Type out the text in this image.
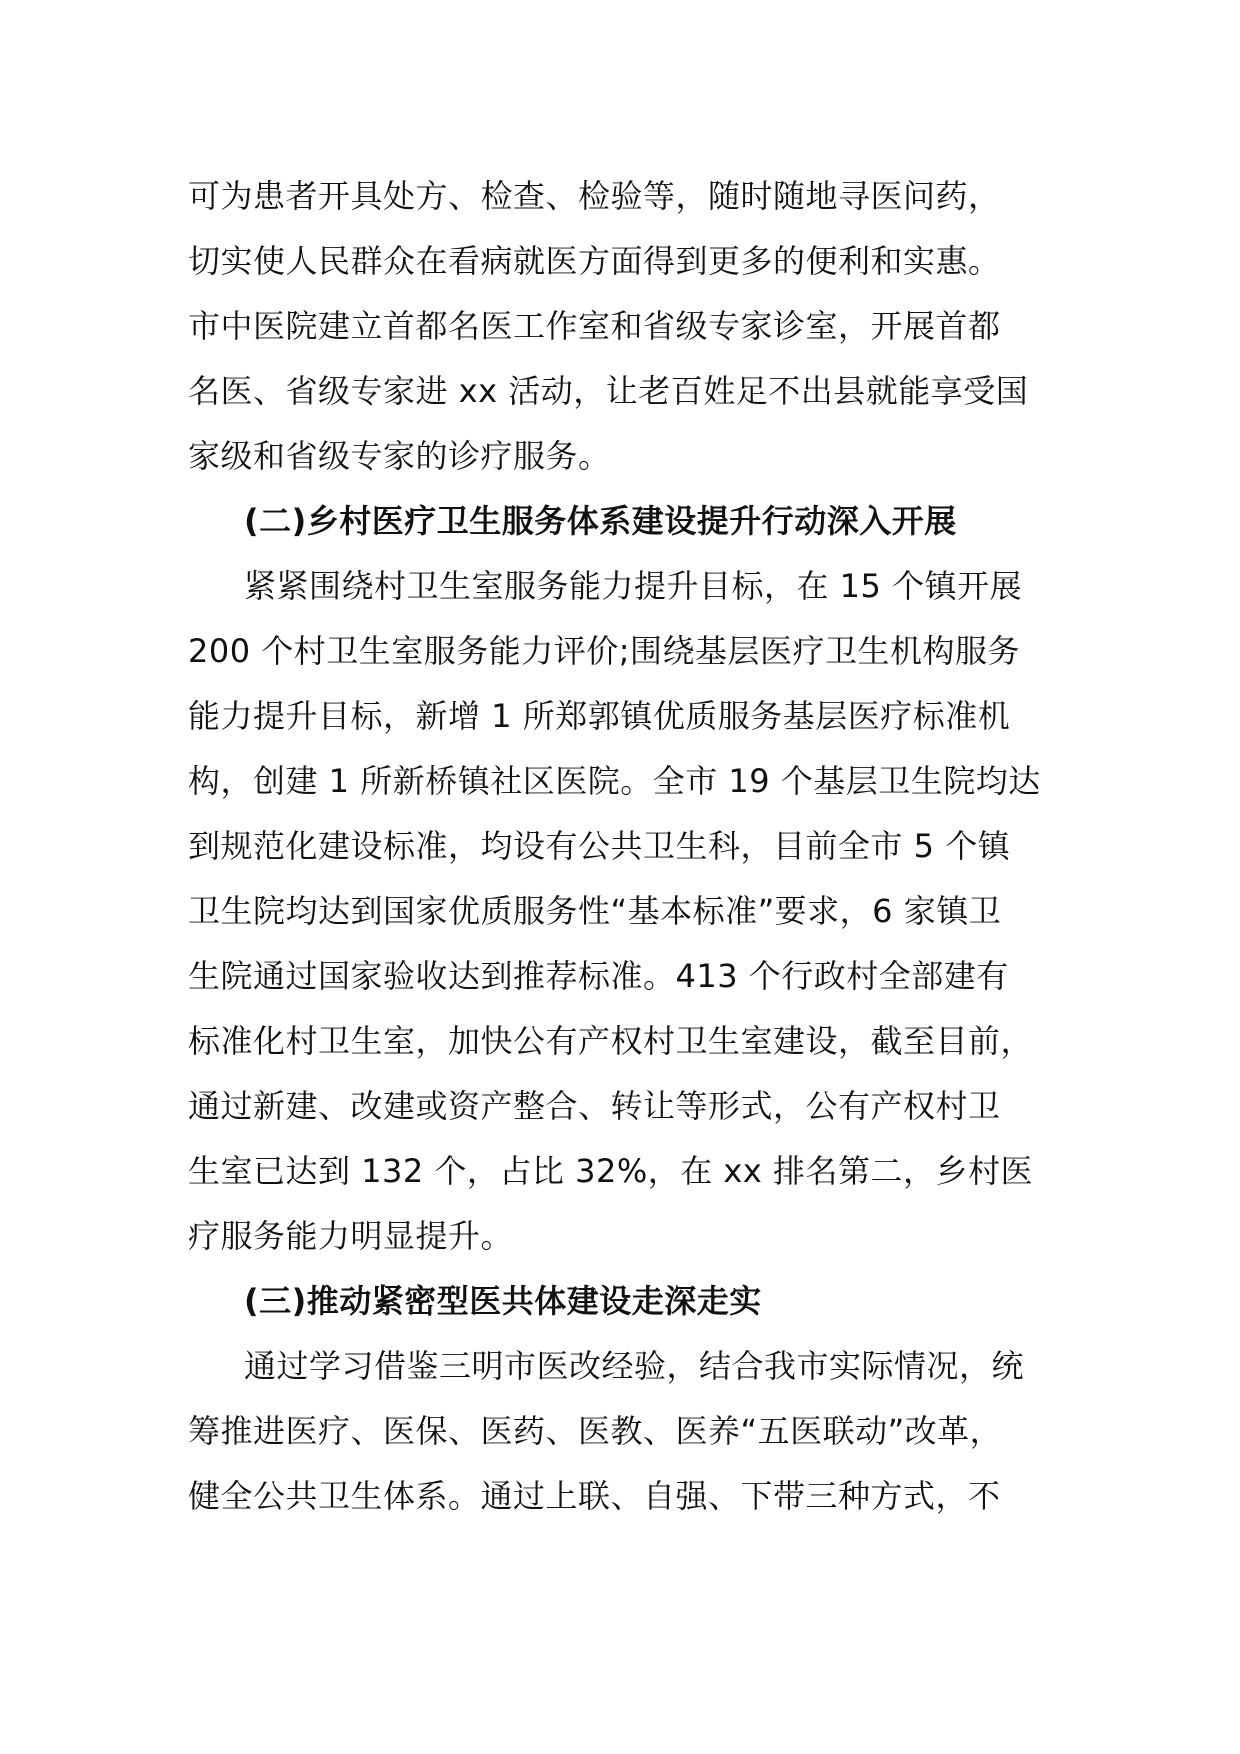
可为患者开具处方、检查、检验等，随时随地寻医问药，
切实使人民群众在看病就医方面得到更多的便利和实惠。
市中医院建立首都名医工作室和省级专家诊室，开展首都
名医、省级专家进 xx 活动，让老百姓足不出县就能享受国
家级和省级专家的诊疗服务。
(二)乡村医疗卫生服务体系建设提升行动深入开展
紧紧围绕村卫生室服务能力提升目标，在 15 个镇开展
200 个村卫生室服务能力评价;围绕基层医疗卫生机构服务
能力提升目标，新增 1 所郑郭镇优质服务基层医疗标准机
构，创建 1 所新桥镇社区医院。全市 19 个基层卫生院均达
到规范化建设标准，均设有公共卫生科，目前全市 5 个镇
卫生院均达到国家优质服务性“基本标准”要求，6 家镇卫
生院通过国家验收达到推荐标准。413 个行政村全部建有
标准化村卫生室，加快公有产权村卫生室建设，截至目前，
通过新建、改建或资产整合、转让等形式，公有产权村卫
生室已达到 132 个，占比 32%，在 xx 排名第二，乡村医
疗服务能力明显提升。
(三)推动紧密型医共体建设走深走实
通过学习借鉴三明市医改经验，结合我市实际情况，统
筹推进医疗、医保、医药、医教、医养“五医联动”改革，
健全公共卫生体系。通过上联、自强、下带三种方式，不
